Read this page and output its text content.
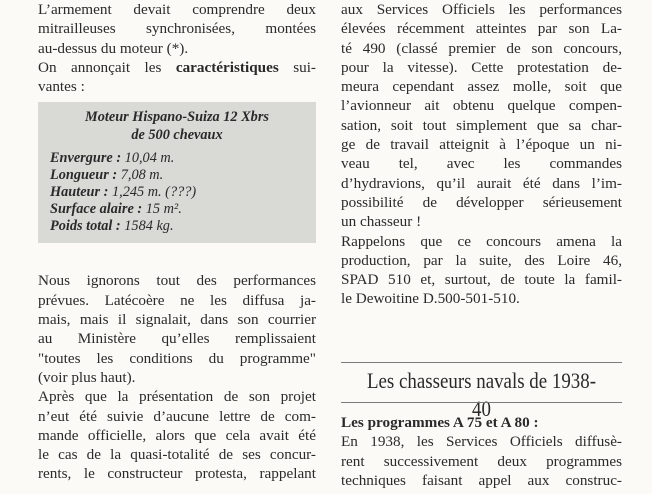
L’armement devait comprendre deux
mitrailleuses synchronisées, montées
au-dessus du moteur (*).

On annonçait les caractéristiques sui-
vantes :

Moteur Hispano-Suiza 12 Xbrs
de 500 chevaux
Envergure : 10,04 m.
Longueur : 7,08 m.
Hauteur : 1,245 m. (???)
Surface alaire : 15 m².
Poids total : 1584 kg.

Nous ignorons tout des performances
prévues. Latécoère ne les diffusa ja-
mais, mais il signalait, dans son courrier
au Ministère qu’elles remplissaient
"toutes les conditions du programme"
(voir plus haut).

Après que la présentation de son projet
n’eut été suivie d’aucune lettre de com-
mande officielle, alors que cela avait été
le cas de la quasi-totalité de ses concur-
rents, le constructeur protesta, rappelant

aux Services Officiels les performances
élevées récemment atteintes par son La-
té 490 (classé premier de son concours,
pour la vitesse). Cette protestation de-
meura cependant assez molle, soit que
l’avionneur ait obtenu quelque compen-
sation, soit tout simplement que sa char-
ge de travail atteignit à l’époque un ni-
veau tel, avec les commandes
d’hydravions, qu’il aurait été dans l’im-
possibilité de développer sérieusement
un chasseur !

Rappelons que ce concours amena la
production, par la suite, des Loire 46,
SPAD 510 et, surtout, de toute la famil-
le Dewoitine D.500-501-510.

Les chasseurs navals de 1938-40
Les programmes A 75 et A 80 :

En 1938, les Services Officiels diffusè-
rent successivement deux programmes
techniques faisant appel aux construc-
